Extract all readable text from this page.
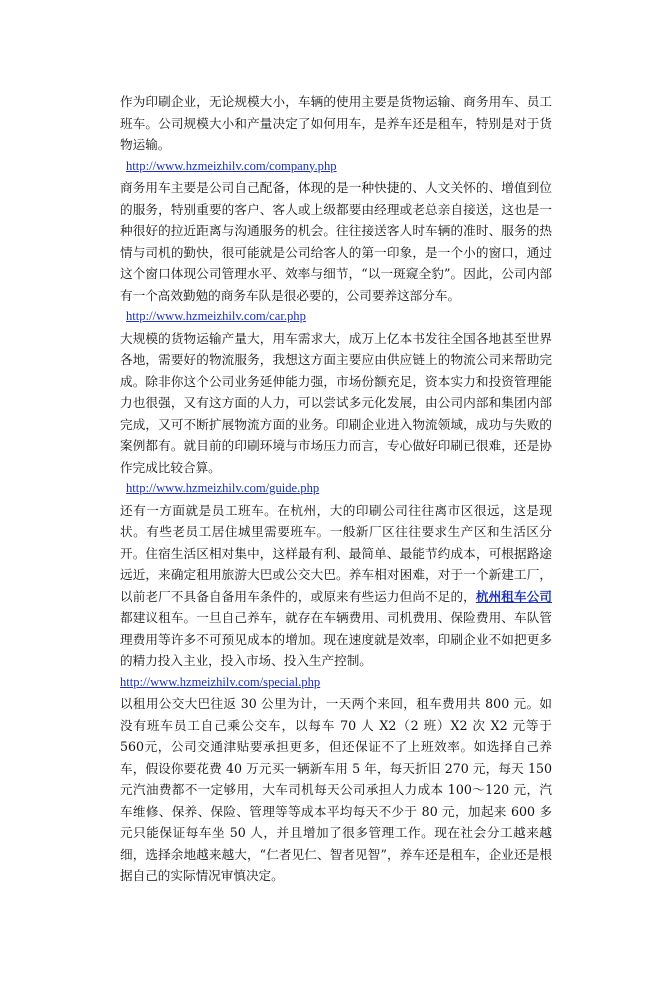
作为印刷企业，无论规模大小，车辆的使用主要是货物运输、商务用车、员工班车。公司规模大小和产量决定了如何用车，是养车还是租车，特别是对于货物运输。

http://www.hzmeizhilv.com/company.php

商务用车主要是公司自己配备，体现的是一种快捷的、人文关怀的、增值到位的服务，特别重要的客户、客人或上级都要由经理或老总亲自接送，这也是一种很好的拉近距离与沟通服务的机会。往往接送客人时车辆的准时、服务的热情与司机的勤快，很可能就是公司给客人的第一印象，是一个小的窗口，通过这个窗口体现公司管理水平、效率与细节，“以一斑窥全豹”。因此，公司内部有一个高效勤勉的商务车队是很必要的，公司要养这部分车。

http://www.hzmeizhilv.com/car.php

大规模的货物运输产量大，用车需求大，成万上亿本书发往全国各地甚至世界各地，需要好的物流服务，我想这方面主要应由供应链上的物流公司来帮助完成。除非你这个公司业务延伸能力强，市场份额充足，资本实力和投资管理能力也很强，又有这方面的人力，可以尝试多元化发展，由公司内部和集团内部完成，又可不断扩展物流方面的业务。印刷企业进入物流领域，成功与失败的案例都有。就目前的印刷环境与市场压力而言，专心做好印刷已很难，还是协作完成比较合算。

http://www.hzmeizhilv.com/guide.php

还有一方面就是员工班车。在杭州，大的印刷公司往往离市区很远，这是现状。有些老员工居住城里需要班车。一般新厂区往往要求生产区和生活区分开。住宿生活区相对集中，这样最有利、最简单、最能节约成本，可根据路途远近，来确定租用旅游大巴或公交大巴。养车相对困难，对于一个新建工厂，以前老厂不具备自备用车条件的，或原来有些运力但尚不足的，杭州租车公司都建议租车。一旦自己养车，就存在车辆费用、司机费用、保险费用、车队管理费用等许多不可预见成本的增加。现在速度就是效率，印刷企业不如把更多的精力投入主业，投入市场、投入生产控制。

http://www.hzmeizhilv.com/special.php

以租用公交大巴往返 30 公里为计，一天两个来回，租车费用共 800 元。如没有班车员工自己乘公交车，以每车 70 人 X2（2 班）X2 次 X2 元等于 560元，公司交通津贴要承担更多，但还保证不了上班效率。如选择自己养车，假设你要花费 40 万元买一辆新车用 5 年，每天折旧 270 元，每天 150 元汽油费都不一定够用，大车司机每天公司承担人力成本 100～120 元，汽车维修、保养、保险、管理等等成本平均每天不少于 80 元，加起来 600 多元只能保证每车坐 50 人，并且增加了很多管理工作。现在社会分工越来越细，选择余地越来越大，“仁者见仁、智者见智”，养车还是租车，企业还是根据自己的实际情况审慎决定。
